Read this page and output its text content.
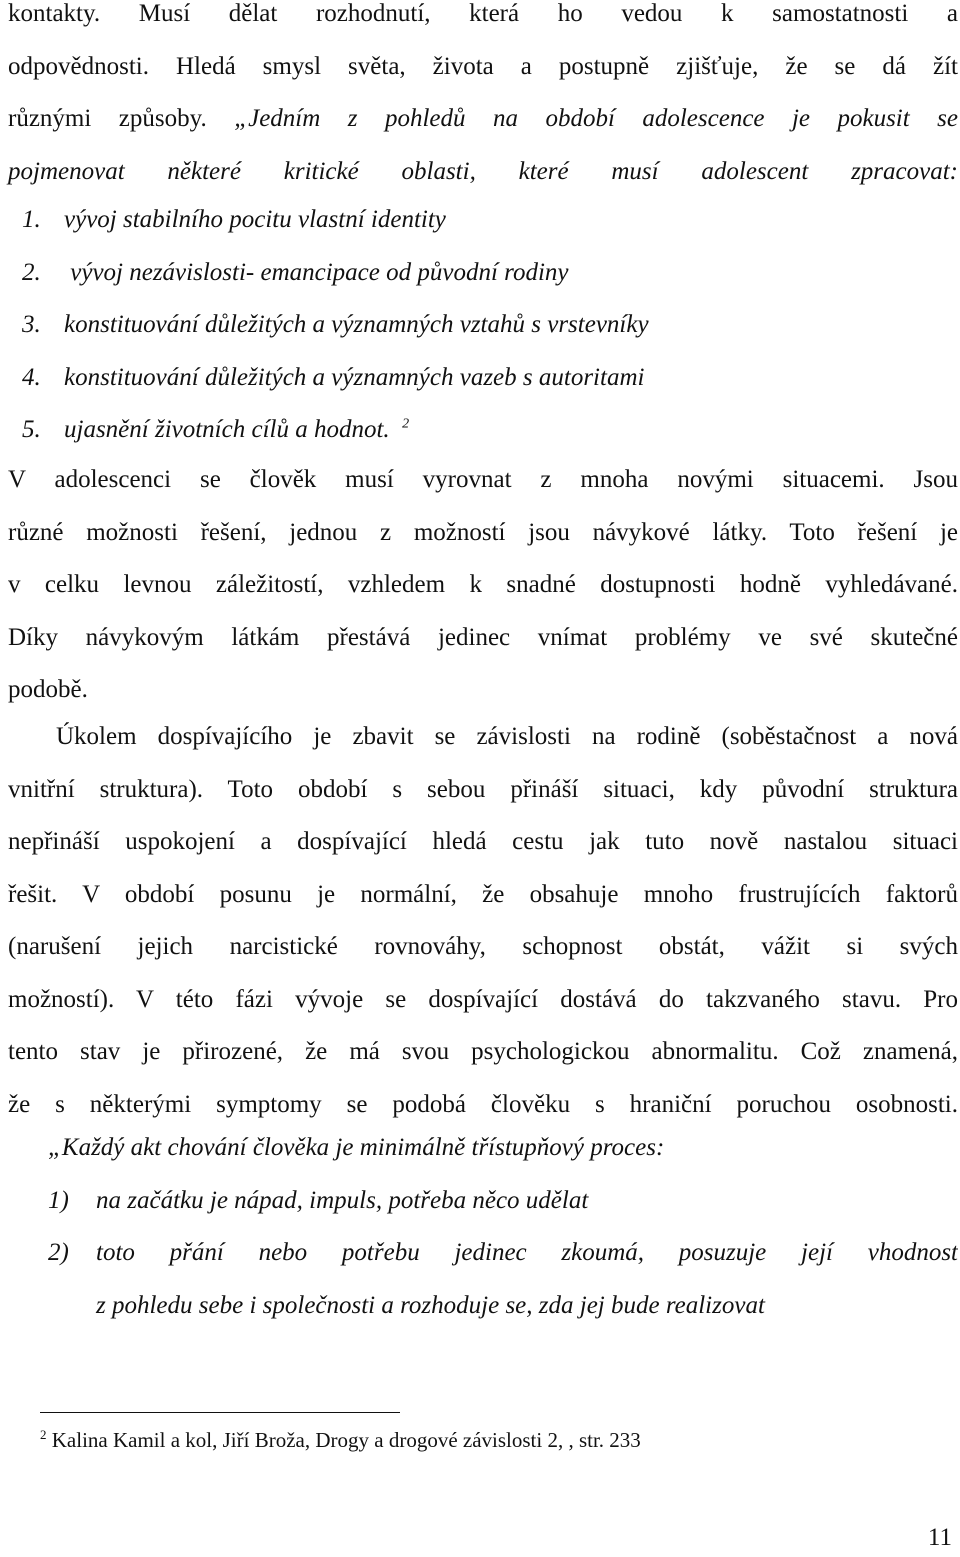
kontakty. Musí dělat rozhodnutí, která ho vedou k samostatnosti a
odpovědnosti. Hledá smysl světa, života a postupně zjišťuje, že se dá žít
různými způsoby. „Jedním z pohledů na období adolescence je pokusit se
pojmenovat některé kritické oblasti, které musí adolescent zpracovat:
1. vývoj stabilního pocitu vlastní identity
2. vývoj nezávislosti- emancipace od původní rodiny
3. konstituování důležitých a významných vztahů s vrstevníky
4. konstituování důležitých a významných vazeb s autoritami
5. ujasnění životních cílů a hodnot. $^2$
V adolescenci se člověk musí vyrovnat z mnoha novými situacemi. Jsou
různé možnosti řešení, jednou z možností jsou návykové látky. Toto řešení je
v celku levnou záležitostí, vzhledem k snadné dostupnosti hodně vyhledávané.
Díky návykovým látkám přestává jedinec vnímat problémy ve své skutečné
podobě.
Úkolem dospívajícího je zbavit se závislosti na rodině (soběstačnost a nová
vnitřní struktura). Toto období s sebou přináší situaci, kdy původní struktura
nepřináší uspokojení a dospívající hledá cestu jak tuto nově nastalou situaci
řešit. V období posunu je normální, že obsahuje mnoho frustrujících faktorů
(narušení jejich narcistické rovnováhy, schopnost obstát, vážit si svých
možností). V této fázi vývoje se dospívající dostává do takzvaného stavu. Pro
tento stav je přirozené, že má svou psychologickou abnormalitu. Což znamená,
že s některými symptomy se podobá člověku s hraniční poruchou osobnosti.
„Každý akt chování člověka je minimálně třístupňový proces:
1) na začátku je nápad, impuls, potřeba něco udělat
2) toto přání nebo potřebu jedinec zkoumá, posuzuje její vhodnost
z pohledu sebe i společnosti a rozhoduje se, zda jej bude realizovat
$^2$ Kalina Kamil a kol, Jiří Broža, Drogy a drogové závislosti 2, , str. 233
11
